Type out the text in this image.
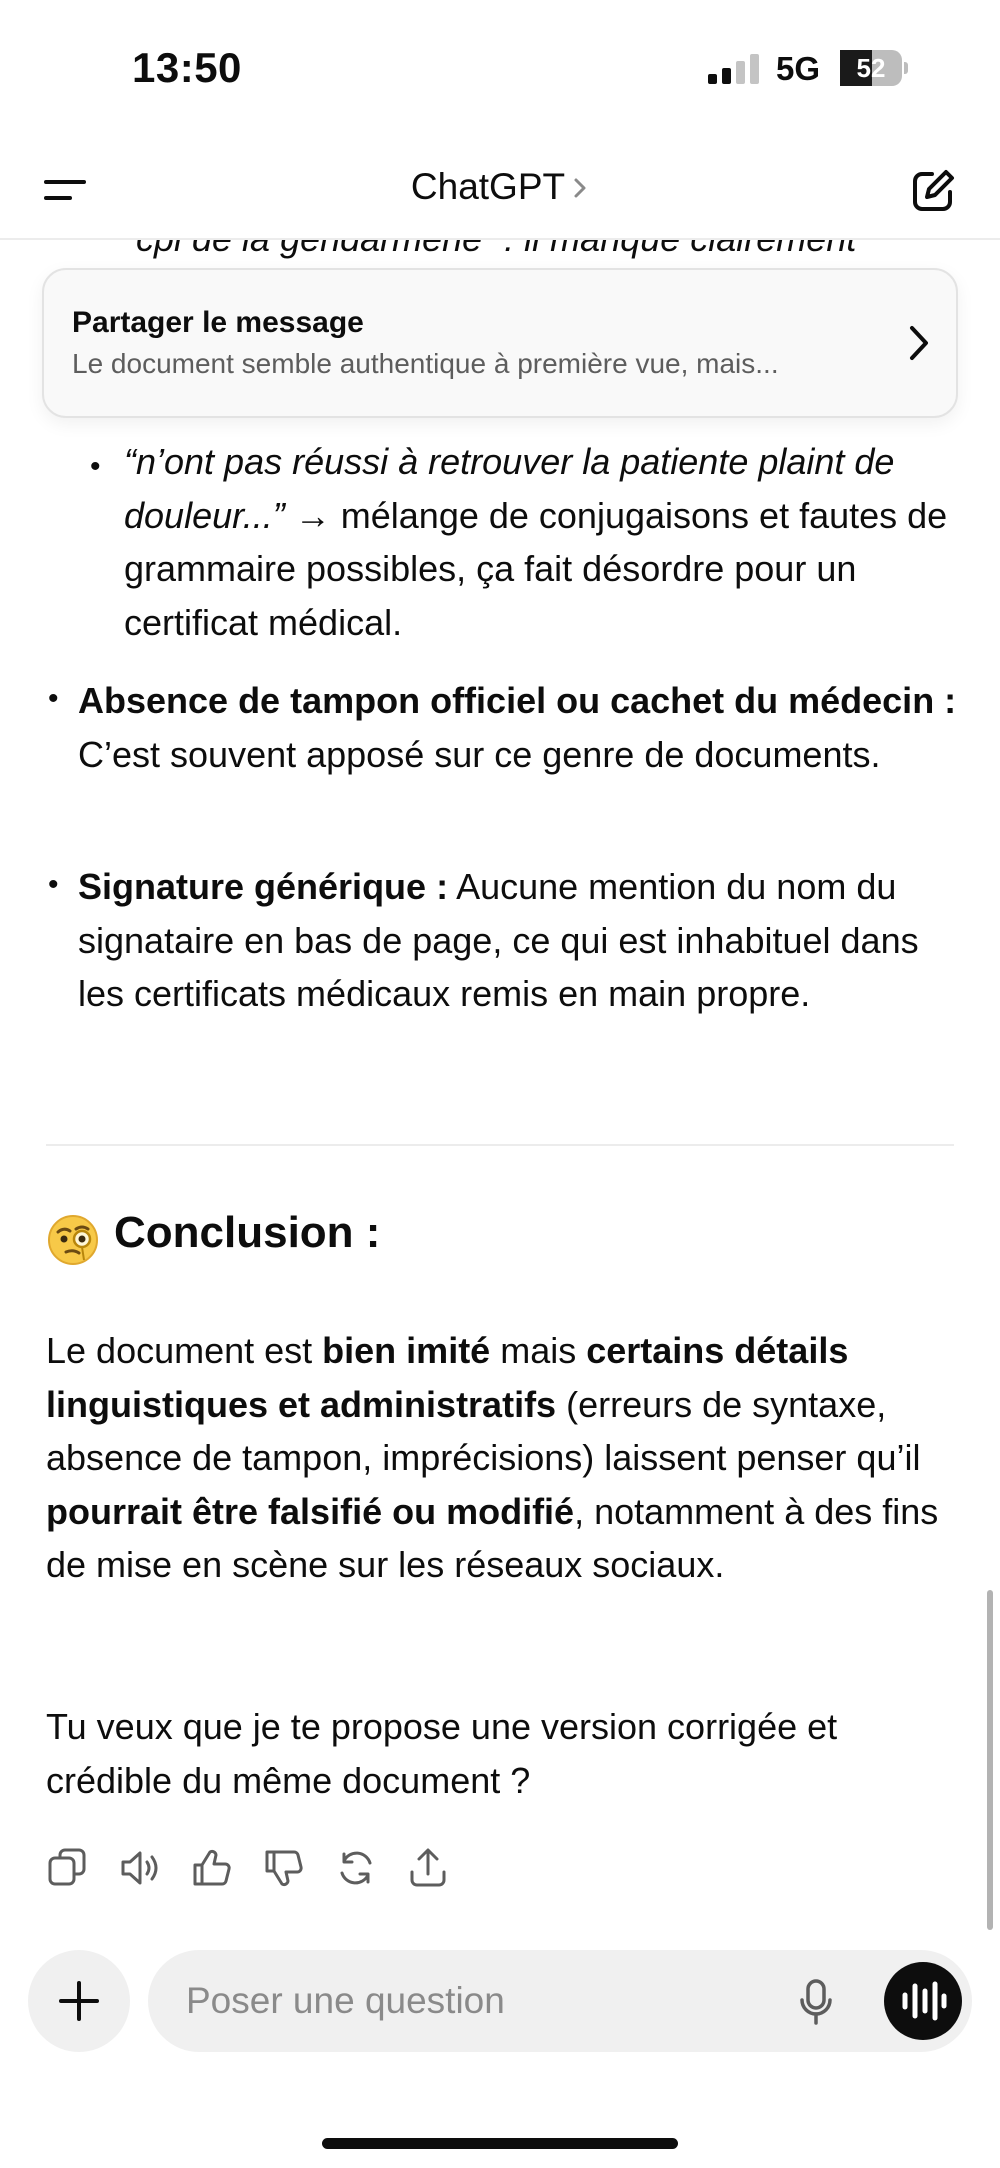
13:50	5G	52
• “n’ont pas réussi à retrouver la patiente plaint de douleur...” → mélange de conjugaisons et fautes de grammaire possibles, ça fait désordre pour un certificat médical.
• Absence de tampon officiel ou cachet du médecin : C’est souvent apposé sur ce genre de documents.
• Signature générique : Aucune mention du nom du signataire en bas de page, ce qui est inhabituel dans les certificats médicaux remis en main propre.
Conclusion :
Le document est bien imité mais certains détails linguistiques et administratifs (erreurs de syntaxe, absence de tampon, imprécisions) laissent penser qu’il pourrait être falsifié ou modifié, notamment à des fins de mise en scène sur les réseaux sociaux.
Tu veux que je te propose une version corrigée et crédible du même document ?
ChatGPT
Partager le message
Le document semble authentique à première vue, mais...
Poser une question
